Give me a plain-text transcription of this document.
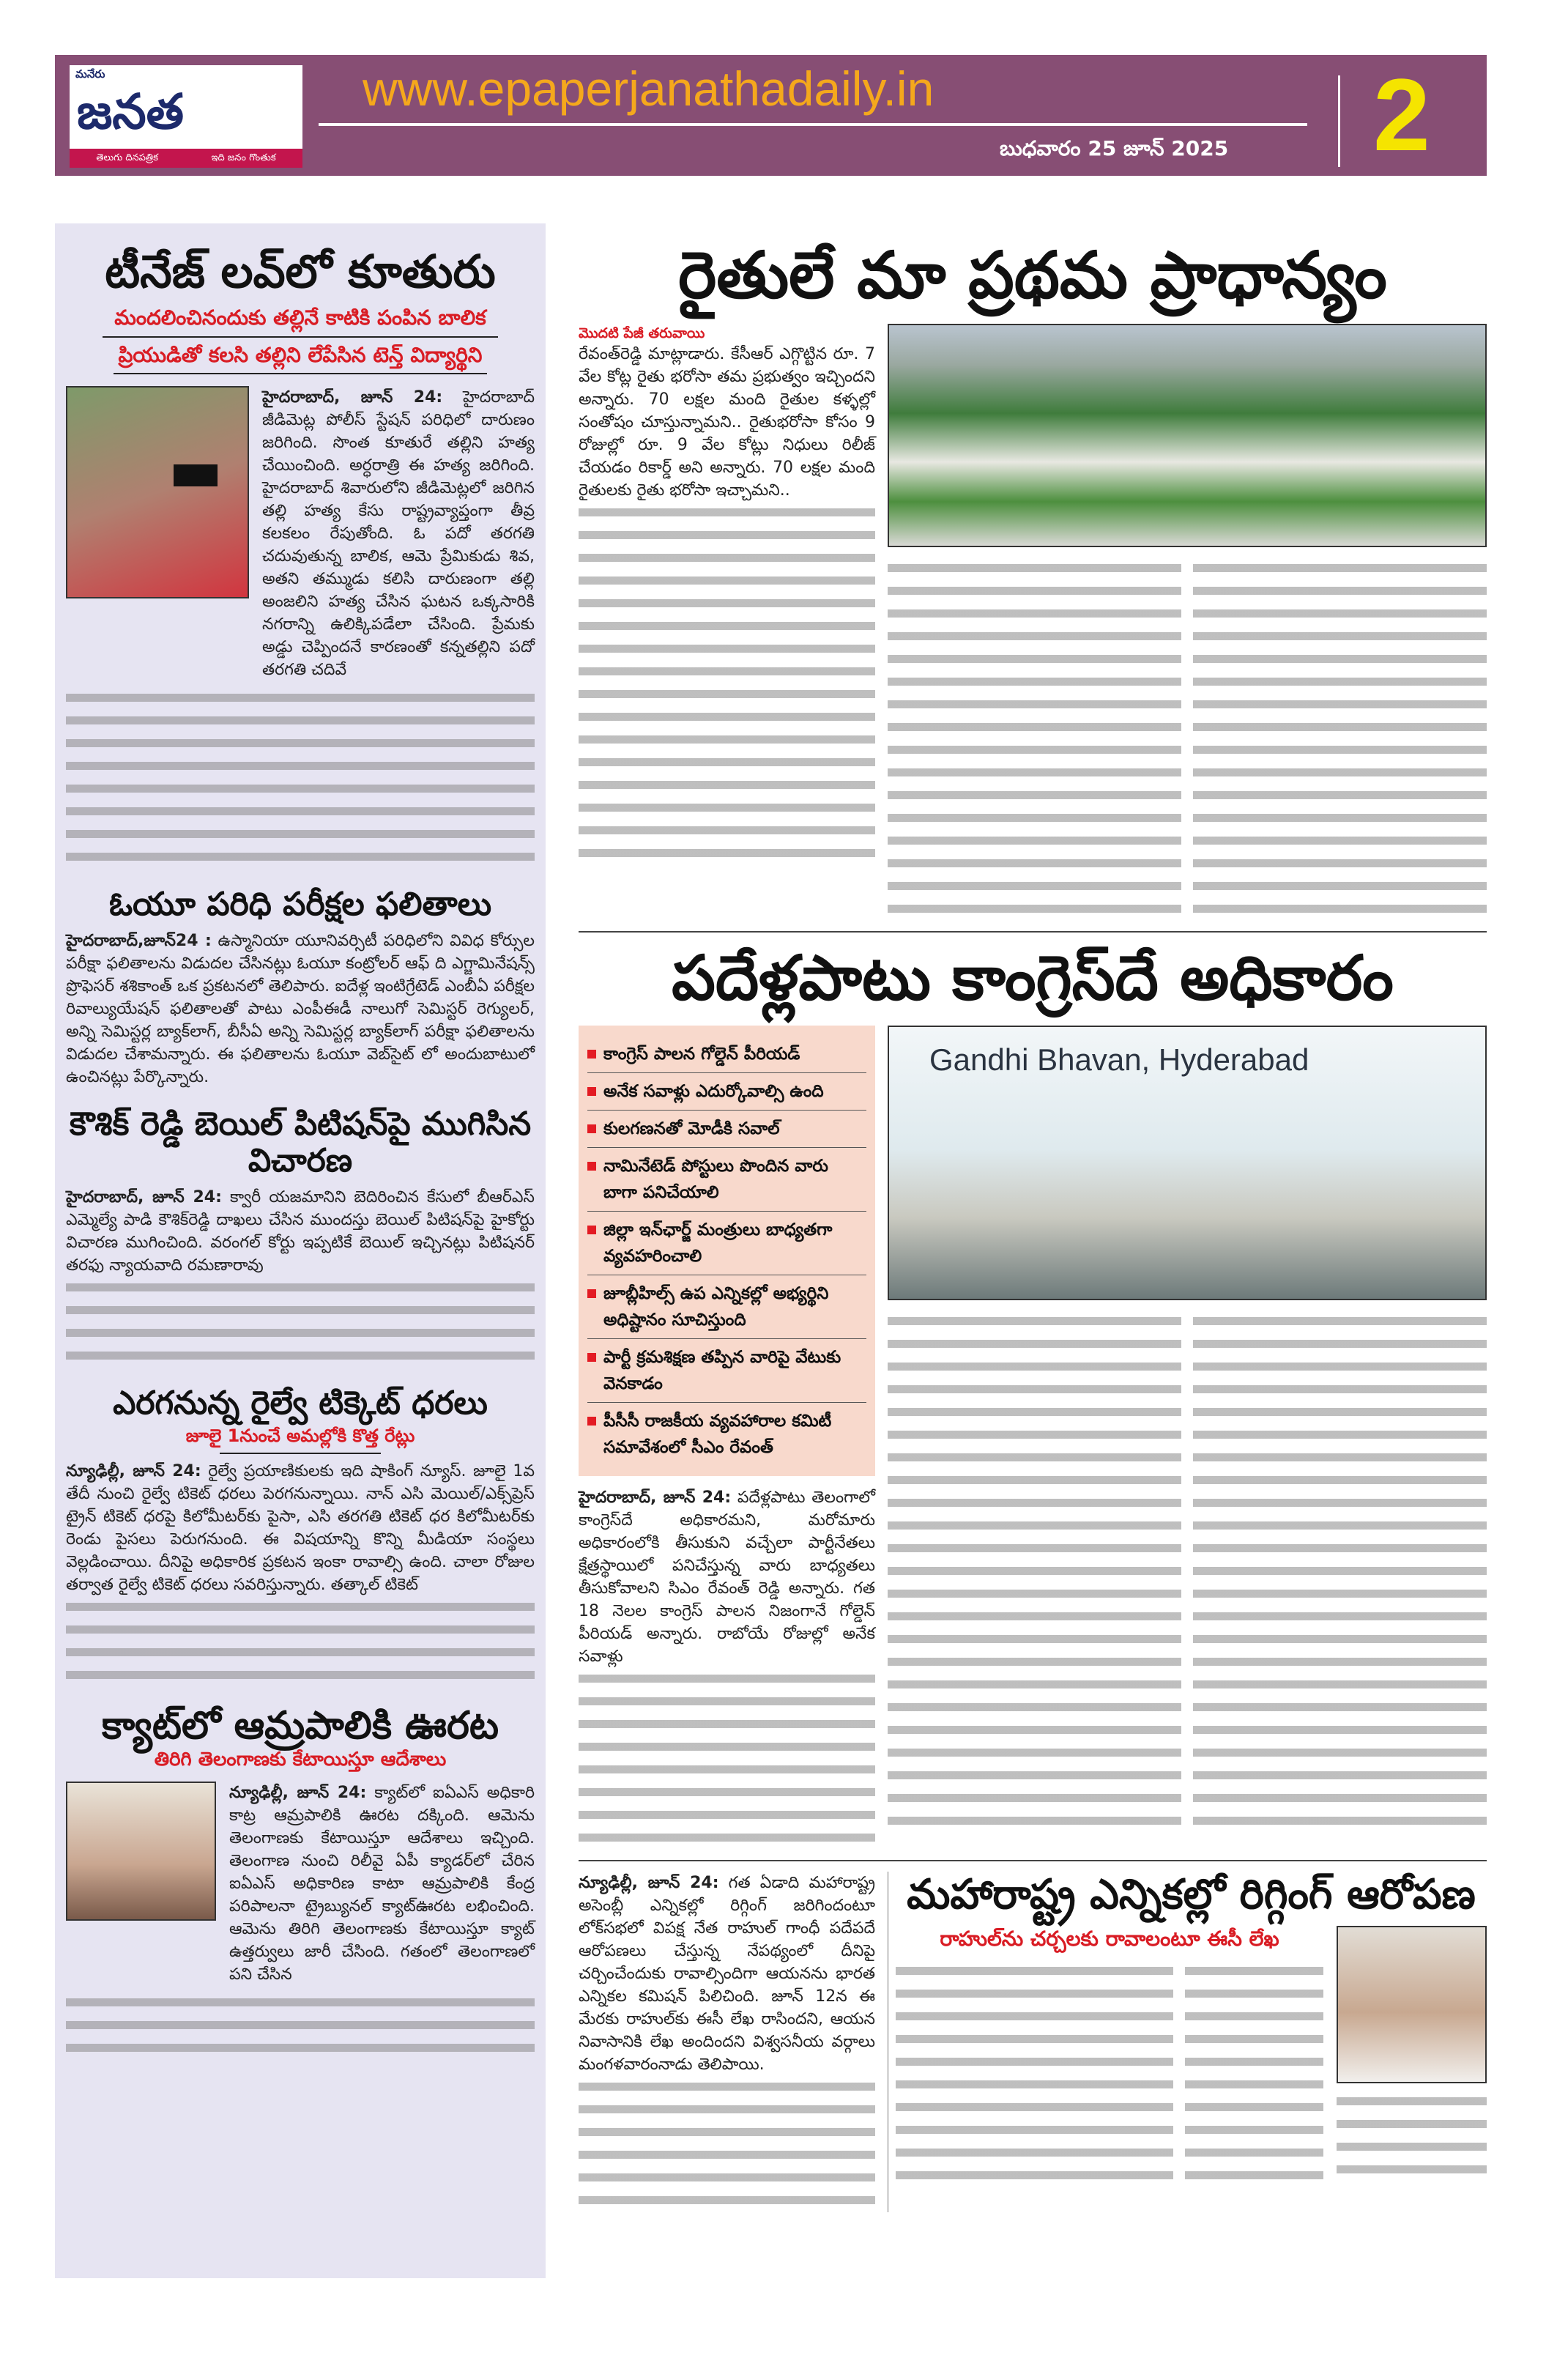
మనేరు
జనత
తెలుగు దినపత్రిక	ఇది జనం గొంతుక
www.epaperjanathadaily.in
బుధవారం 25 జూన్ 2025 2
టీనేజ్ లవ్‌లో కూతురు
మందలించినందుకు తల్లినే కాటికి పంపిన బాలిక
ప్రియుడితో కలసి తల్లిని లేపేసిన టెన్త్ విద్యార్థిని
హైదరాబాద్, జూన్ 24: హైదరాబాద్ జీడిమెట్ల పోలీస్ స్టేషన్ పరిధిలో దారుణం జరిగింది. సొంత కూతురే తల్లిని హత్య చేయించింది. అర్ధరాత్రి ఈ హత్య జరిగింది. హైదరాబాద్ శివారులోని జీడిమెట్లలో జరిగిన తల్లి హత్య కేసు రాష్ట్రవ్యాప్తంగా తీవ్ర కలకలం రేపుతోంది. ఓ పదో తరగతి చదువుతున్న బాలిక, ఆమె ప్రేమికుడు శివ, అతని తమ్ముడు కలిసి దారుణంగా తల్లి అంజలిని హత్య చేసిన ఘటన ఒక్కసారికి నగరాన్ని ఉలిక్కిపడేలా చేసింది. ప్రేమకు అడ్డు చెప్పిందనే కారణంతో కన్నతల్లిని పదో తరగతి చదివే
ఓయూ పరిధి పరీక్షల ఫలితాలు
హైదరాబాద్,జూన్24 : ఉస్మానియా యూనివర్సిటీ పరిధిలోని వివిధ కోర్సుల పరీక్షా ఫలితాలను విడుదల చేసినట్లు ఓయూ కంట్రోలర్ ఆఫ్ ది ఎగ్జామినేషన్స్ ప్రొఫెసర్ శశికాంత్ ఒక ప్రకటనలో తెలిపారు. ఐదేళ్ల ఇంటిగ్రేటెడ్ ఎంబీఏ పరీక్షల రివాల్యుయేషన్ ఫలితాలతో పాటు ఎంపీఈడీ నాలుగో సెమిస్టర్ రెగ్యులర్, అన్ని సెమిస్టర్ల బ్యాక్‌లాగ్, బీసీఏ అన్ని సెమిస్టర్ల బ్యాక్‌లాగ్ పరీక్షా ఫలితాలను విడుదల చేశామన్నారు. ఈ ఫలితాలను ఓయూ వెబ్‌సైట్ లో అందుబాటులో ఉంచినట్లు పేర్కొన్నారు.
కౌశిక్ రెడ్డి బెయిల్ పిటిషన్‌పై ముగిసిన విచారణ
హైదరాబాద్, జూన్ 24: క్వారీ యజమానిని బెదిరించిన కేసులో బీఆర్ఎస్ ఎమ్మెల్యే పాడి కౌశిక్‌రెడ్డి దాఖలు చేసిన ముందస్తు బెయిల్ పిటిషన్‌పై హైకోర్టు విచారణ ముగించింది. వరంగల్ కోర్టు ఇప్పటికే బెయిల్ ఇచ్చినట్లు పిటిషనర్ తరఫు న్యాయవాది రమణారావు
ఎరగనున్న రైల్వే టిక్కెట్ ధరలు
జూలై 1నుంచే అమల్లోకి కొత్త రేట్లు
న్యూఢిల్లీ, జూన్ 24: రైల్వే ప్రయాణికులకు ఇది షాకింగ్ న్యూస్. జూలై 1వ తేదీ నుంచి రైల్వే టికెట్ ధరలు పెరగనున్నాయి. నాన్ ఎసి మెయిల్/ఎక్స్‌ప్రెస్ ట్రైన్ టికెట్ ధరపై కిలోమీటర్‌కు పైసా, ఎసి తరగతి టికెట్ ధర కిలోమీటర్‌కు రెండు పైసలు పెరుగనుంది. ఈ విషయాన్ని కొన్ని మీడియా సంస్థలు వెల్లడించాయి. దీనిపై అధికారిక ప్రకటన ఇంకా రావాల్సి ఉంది. చాలా రోజుల తర్వాత రైల్వే టికెట్ ధరలు సవరిస్తున్నారు. తత్కాల్ టికెట్
క్యాట్‌లో ఆమ్రపాలికి ఊరట
తిరిగి తెలంగాణకు కేటాయిస్తూ ఆదేశాలు
న్యూఢిల్లీ, జూన్ 24: క్యాట్‌లో ఐఏఎస్ అధికారి కాట్ర ఆమ్రపాలికి ఊరట దక్కింది. ఆమెను తెలంగాణకు కేటాయిస్తూ ఆదేశాలు ఇచ్చింది. తెలంగాణ నుంచి రిలీవై ఏపీ క్యాడర్‌లో చేరిన ఐఏఎస్ అధికారిణ కాటా ఆమ్రపాలికి కేంద్ర పరిపాలనా ట్రైబ్యునల్ క్యాట్‌ఊరట లభించింది. ఆమెను తిరిగి తెలంగాణకు కేటాయిస్తూ క్యాట్ ఉత్తర్వులు జారీ చేసింది. గతంలో తెలంగాణలో పని చేసిన
రైతులే మా ప్రథమ ప్రాధాన్యం
మొదటి పేజీ తరువాయి
రేవంత్‌రెడ్డి మాట్లాడారు. కేసీఆర్ ఎగ్గొట్టిన రూ. 7 వేల కోట్ల రైతు భరోసా తమ ప్రభుత్వం ఇచ్చిందని అన్నారు. 70 లక్షల మంది రైతుల కళ్ళల్లో సంతోషం చూస్తున్నామని.. రైతుభరోసా కోసం 9 రోజుల్లో రూ. 9 వేల కోట్లు నిధులు రిలీజ్ చేయడం రికార్డ్ అని అన్నారు. 70 లక్షల మంది రైతులకు రైతు భరోసా ఇచ్చామని..
పదేళ్లపాటు కాంగ్రెస్‌దే అధికారం
కాంగ్రెస్ పాలన గోల్డెన్ పీరియడ్
అనేక సవాళ్లు ఎదుర్కోవాల్సి ఉంది
కులగణనతో మోడీకి సవాల్
నామినేటెడ్ పోస్టులు పొందిన వారు బాగా పనిచేయాలి
జిల్లా ఇన్‌ఛార్జ్ మంత్రులు బాధ్యతగా వ్యవహరించాలి
జూబ్లీహిల్స్ ఉప ఎన్నికల్లో అభ్యర్థిని అధిష్టానం సూచిస్తుంది
పార్టీ క్రమశిక్షణ తప్పిన వారిపై వేటుకు వెనకాడం
పీసీసీ రాజకీయ వ్యవహారాల కమిటీ సమావేశంలో సీఎం రేవంత్
హైదరాబాద్, జూన్ 24: పదేళ్లపాటు తెలంగాలో కాంగ్రెస్‌దే అధికారమని, మరోమారు అధికారంలోకి తీసుకుని వచ్చేలా పార్టీనేతలు క్షేత్రస్థాయిలో పనిచేస్తున్న వారు బాధ్యతలు తీసుకోవాలని సిఎం రేవంత్ రెడ్డి అన్నారు. గత 18 నెలల కాంగ్రెస్ పాలన నిజంగానే గోల్డెన్ పీరియడ్ అన్నారు. రాబోయే రోజుల్లో అనేక సవాళ్లు
Gandhi Bhavan, Hyderabad
న్యూఢిల్లీ, జూన్ 24: గత ఏడాది మహారాష్ట్ర అసెంబ్లీ ఎన్నికల్లో రిగ్గింగ్ జరిగిందంటూ లోక్‌సభలో విపక్ష నేత రాహుల్ గాంధీ పదేపదే ఆరోపణలు చేస్తున్న నేపథ్యంలో దీనిపై చర్చించేందుకు రావాల్సిందిగా ఆయనను భారత ఎన్నికల కమిషన్ పిలిచింది. జూన్ 12న ఈ మేరకు రాహుల్‌కు ఈసీ లేఖ రాసిందని, ఆయన నివాసానికి లేఖ అందిందని విశ్వసనీయ వర్గాలు మంగళవారంనాడు తెలిపాయి.
మహారాష్ట్ర ఎన్నికల్లో రిగ్గింగ్ ఆరోపణ
రాహుల్‌ను చర్చలకు రావాలంటూ ఈసీ లేఖ
